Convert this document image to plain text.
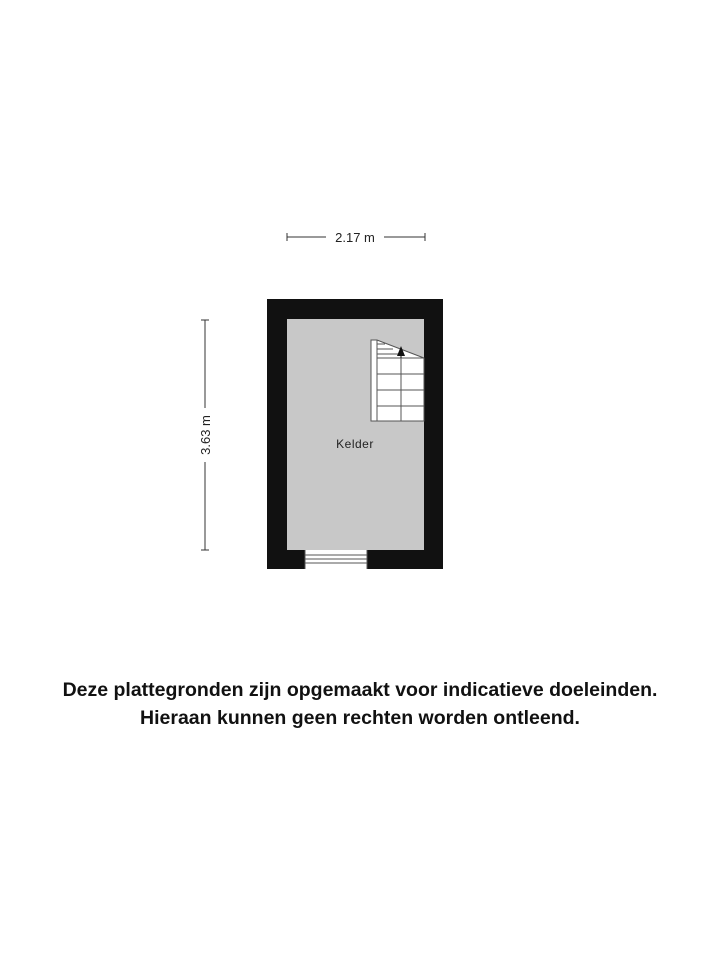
2.17 m
3.63 m	Kelder
Deze plattegronden zijn opgemaakt voor indicatieve doeleinden.
Hieraan kunnen geen rechten worden ontleend.
